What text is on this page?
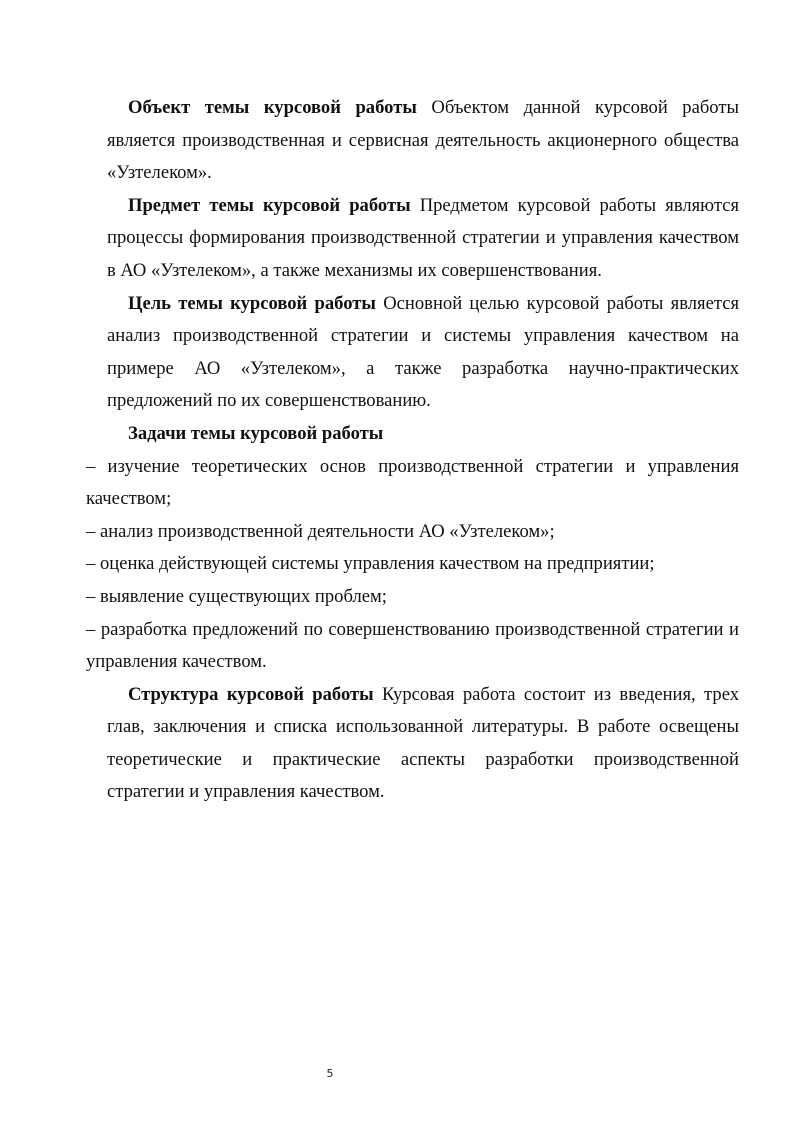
Объект темы курсовой работы Объектом данной курсовой работы является производственная и сервисная деятельность акционерного общества «Узтелеком».

Предмет темы курсовой работы Предметом курсовой работы являются процессы формирования производственной стратегии и управления качеством в АО «Узтелеком», а также механизмы их совершенствования.

Цель темы курсовой работы Основной целью курсовой работы является анализ производственной стратегии и системы управления качеством на примере АО «Узтелеком», а также разработка научно-практических предложений по их совершенствованию.

Задачи темы курсовой работы

– изучение теоретических основ производственной стратегии и управления качеством;

– анализ производственной деятельности АО «Узтелеком»;

– оценка действующей системы управления качеством на предприятии;

– выявление существующих проблем;

– разработка предложений по совершенствованию производственной стратегии и управления качеством.

Структура курсовой работы Курсовая работа состоит из введения, трех глав, заключения и списка использованной литературы. В работе освещены теоретические и практические аспекты разработки производственной стратегии и управления качеством.

5
